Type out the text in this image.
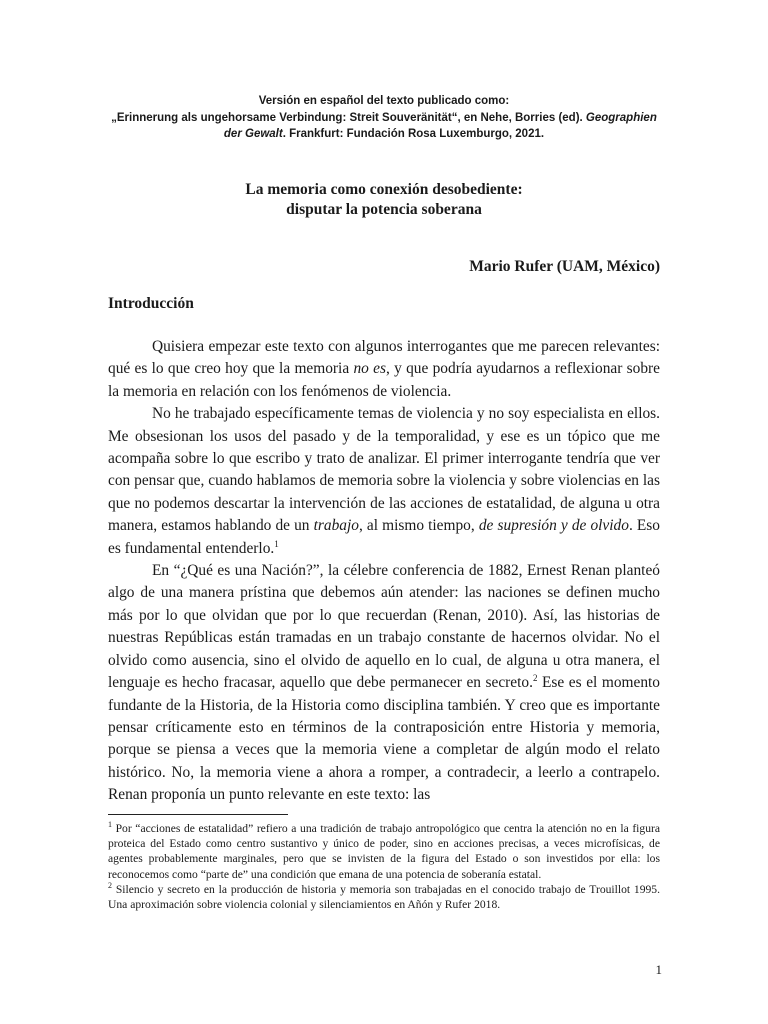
Versión en español del texto publicado como:
„Erinnerung als ungehorsame Verbindung: Streit Souveränität“, en Nehe, Borries (ed). Geographien der Gewalt. Frankfurt: Fundación Rosa Luxemburgo, 2021.
La memoria como conexión desobediente:
disputar la potencia soberana
Mario Rufer (UAM, México)
Introducción

Quisiera empezar este texto con algunos interrogantes que me parecen relevantes: qué es lo que creo hoy que la memoria no es, y que podría ayudarnos a reflexionar sobre la memoria en relación con los fenómenos de violencia.

No he trabajado específicamente temas de violencia y no soy especialista en ellos. Me obsesionan los usos del pasado y de la temporalidad, y ese es un tópico que me acompaña sobre lo que escribo y trato de analizar. El primer interrogante tendría que ver con pensar que, cuando hablamos de memoria sobre la violencia y sobre violencias en las que no podemos descartar la intervención de las acciones de estatalidad, de alguna u otra manera, estamos hablando de un trabajo, al mismo tiempo, de supresión y de olvido. Eso es fundamental entenderlo.$^1$

En “¿Qué es una Nación?”, la célebre conferencia de 1882, Ernest Renan planteó algo de una manera prístina que debemos aún atender: las naciones se definen mucho más por lo que olvidan que por lo que recuerdan (Renan, 2010). Así, las historias de nuestras Repúblicas están tramadas en un trabajo constante de hacernos olvidar. No el olvido como ausencia, sino el olvido de aquello en lo cual, de alguna u otra manera, el lenguaje es hecho fracasar, aquello que debe permanecer en secreto.$^2$ Ese es el momento fundante de la Historia, de la Historia como disciplina también. Y creo que es importante pensar críticamente esto en términos de la contraposición entre Historia y memoria, porque se piensa a veces que la memoria viene a completar de algún modo el relato histórico. No, la memoria viene a ahora a romper, a contradecir, a leerlo a contrapelo. Renan proponía un punto relevante en este texto: las

$^1$ Por “acciones de estatalidad” refiero a una tradición de trabajo antropológico que centra la atención no en la figura proteica del Estado como centro sustantivo y único de poder, sino en acciones precisas, a veces microfísicas, de agentes probablemente marginales, pero que se invisten de la figura del Estado o son investidos por ella: los reconocemos como “parte de” una condición que emana de una potencia de soberanía estatal.

$^2$ Silencio y secreto en la producción de historia y memoria son trabajadas en el conocido trabajo de Trouillot 1995. Una aproximación sobre violencia colonial y silenciamientos en Añón y Rufer 2018.

1
